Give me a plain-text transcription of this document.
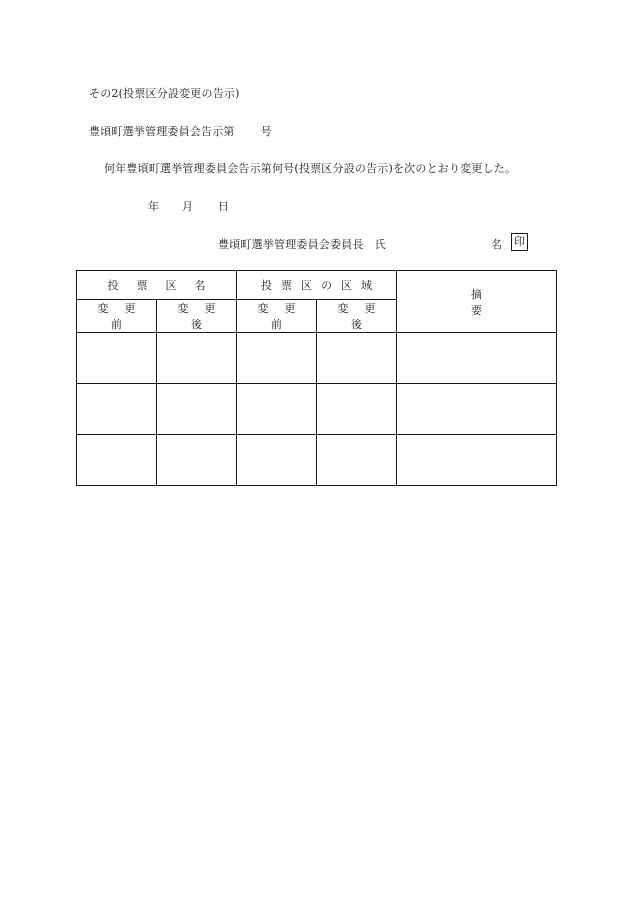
その2(投票区分設変更の告示)
豊頃町選挙管理委員会告示第 号
何年豊頃町選挙管理委員会告示第何号(投票区分設の告示)を次のとおり変更した。
年 月 日
豊頃町選挙管理委員会委員長　氏	名 印
投票区名		投票区の区域		摘要
変更前	変更後	変更前	変更後	
